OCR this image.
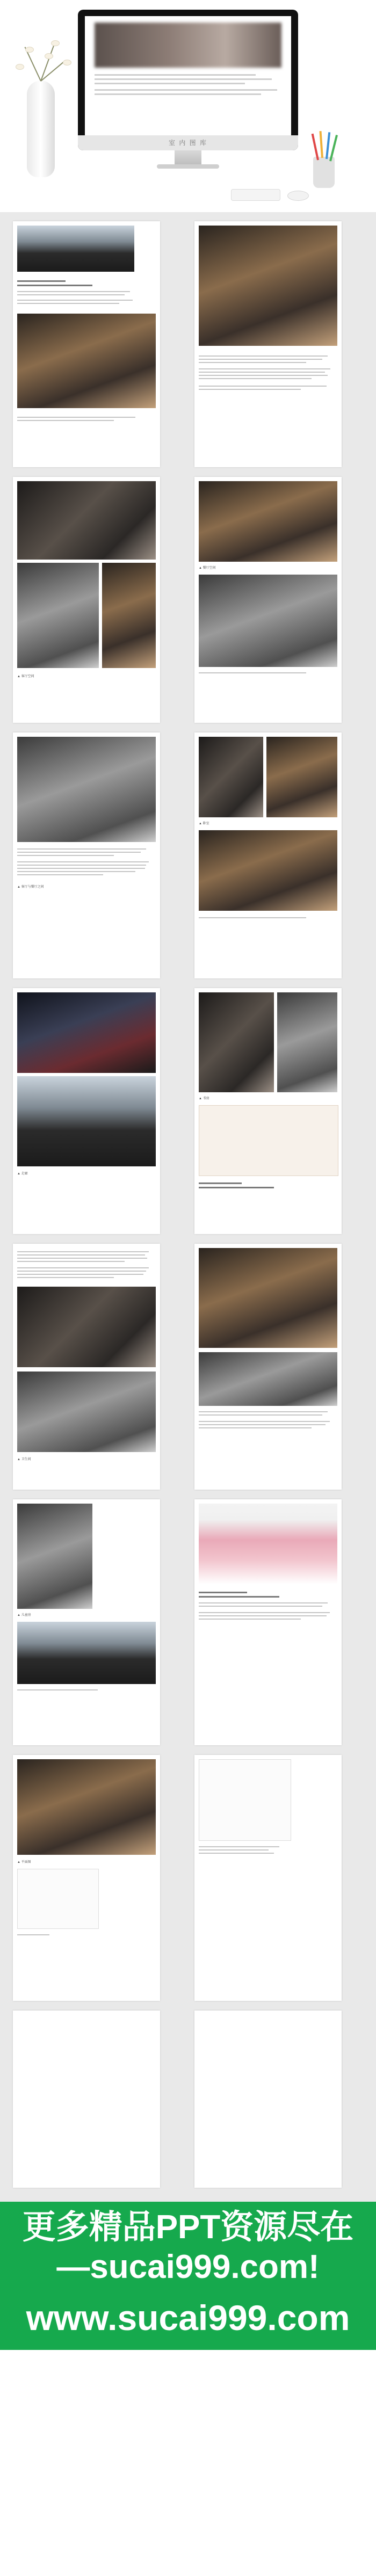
室 内 图 库
▲ 客厅空间
▲ 餐厅空间
▲ 客厅与餐厅之间
▲ 卧室
▲ 走廊
▲ 书房
▲ 卫生间
▲ 儿童房
▲ 平面图
更多精品PPT资源尽在
—sucai999.com!
www.sucai999.com
